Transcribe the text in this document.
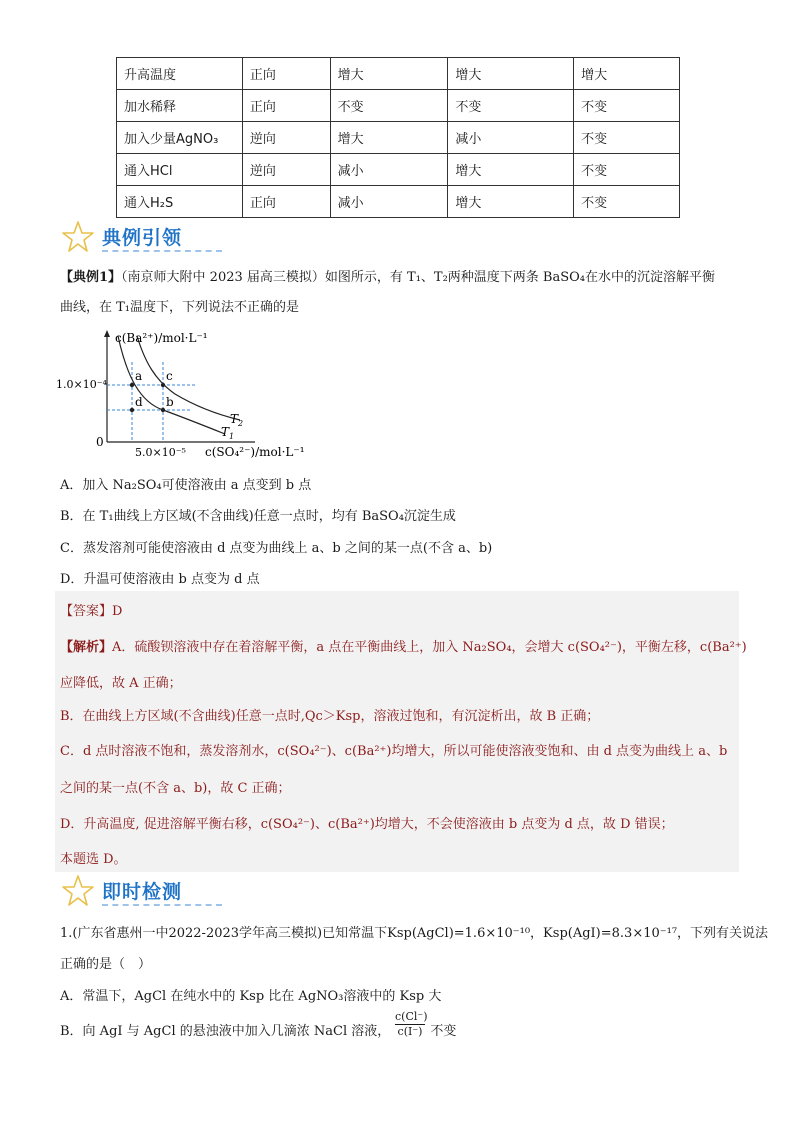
升高温度	正向	增大	增大	增大
加水稀释	正向	不变	不变	不变
加入少量AgNO₃	逆向	增大	减小	不变
通入HCl	逆向	减小	增大	不变
通入H₂S	正向	减小	增大	不变
典例引领
【典例1】（南京师大附中 2023 届高三模拟）如图所示，有 T₁、T₂两种温度下两条 BaSO₄在水中的沉淀溶解平衡
曲线，在 T₁温度下，下列说法不正确的是
a c
d b
$T_2$
$T_1$
1.0×10⁻⁴
5.0×10⁻⁵
0
c(Ba²⁺)/mol·L⁻¹
c(SO₄²⁻)/mol·L⁻¹
A．加入 Na₂SO₄可使溶液由 a 点变到 b 点
B．在 T₁曲线上方区域(不含曲线)任意一点时，均有 BaSO₄沉淀生成
C．蒸发溶剂可能使溶液由 d 点变为曲线上 a、b 之间的某一点(不含 a、b)
D．升温可使溶液由 b 点变为 d 点
【答案】D
【解析】A．硫酸钡溶液中存在着溶解平衡，a 点在平衡曲线上，加入 Na₂SO₄，会增大 c(SO₄²⁻)，平衡左移，c(Ba²⁺)
应降低，故 A 正确；
B．在曲线上方区域(不含曲线)任意一点时,Qc＞Ksp，溶液过饱和，有沉淀析出，故 B 正确；
C．d 点时溶液不饱和，蒸发溶剂水，c(SO₄²⁻)、c(Ba²⁺)均增大，所以可能使溶液变饱和、由 d 点变为曲线上 a、b
之间的某一点(不含 a、b)，故 C 正确；
D．升高温度, 促进溶解平衡右移，c(SO₄²⁻)、c(Ba²⁺)均增大，不会使溶液由 b 点变为 d 点，故 D 错误；
本题选 D。
即时检测
1.(广东省惠州一中2022-2023学年高三模拟)已知常温下Ksp(AgCl)=1.6×10⁻¹⁰，Ksp(AgI)=8.3×10⁻¹⁷，下列有关说法
正确的是（　）
A．常温下，AgCl 在纯水中的 Ksp 比在 AgNO₃溶液中的 Ksp 大
B．向 AgI 与 AgCl 的悬浊液中加入几滴浓 NaCl 溶液，	不变
$\frac{c(Cl^-)}{c(I^-)}$
